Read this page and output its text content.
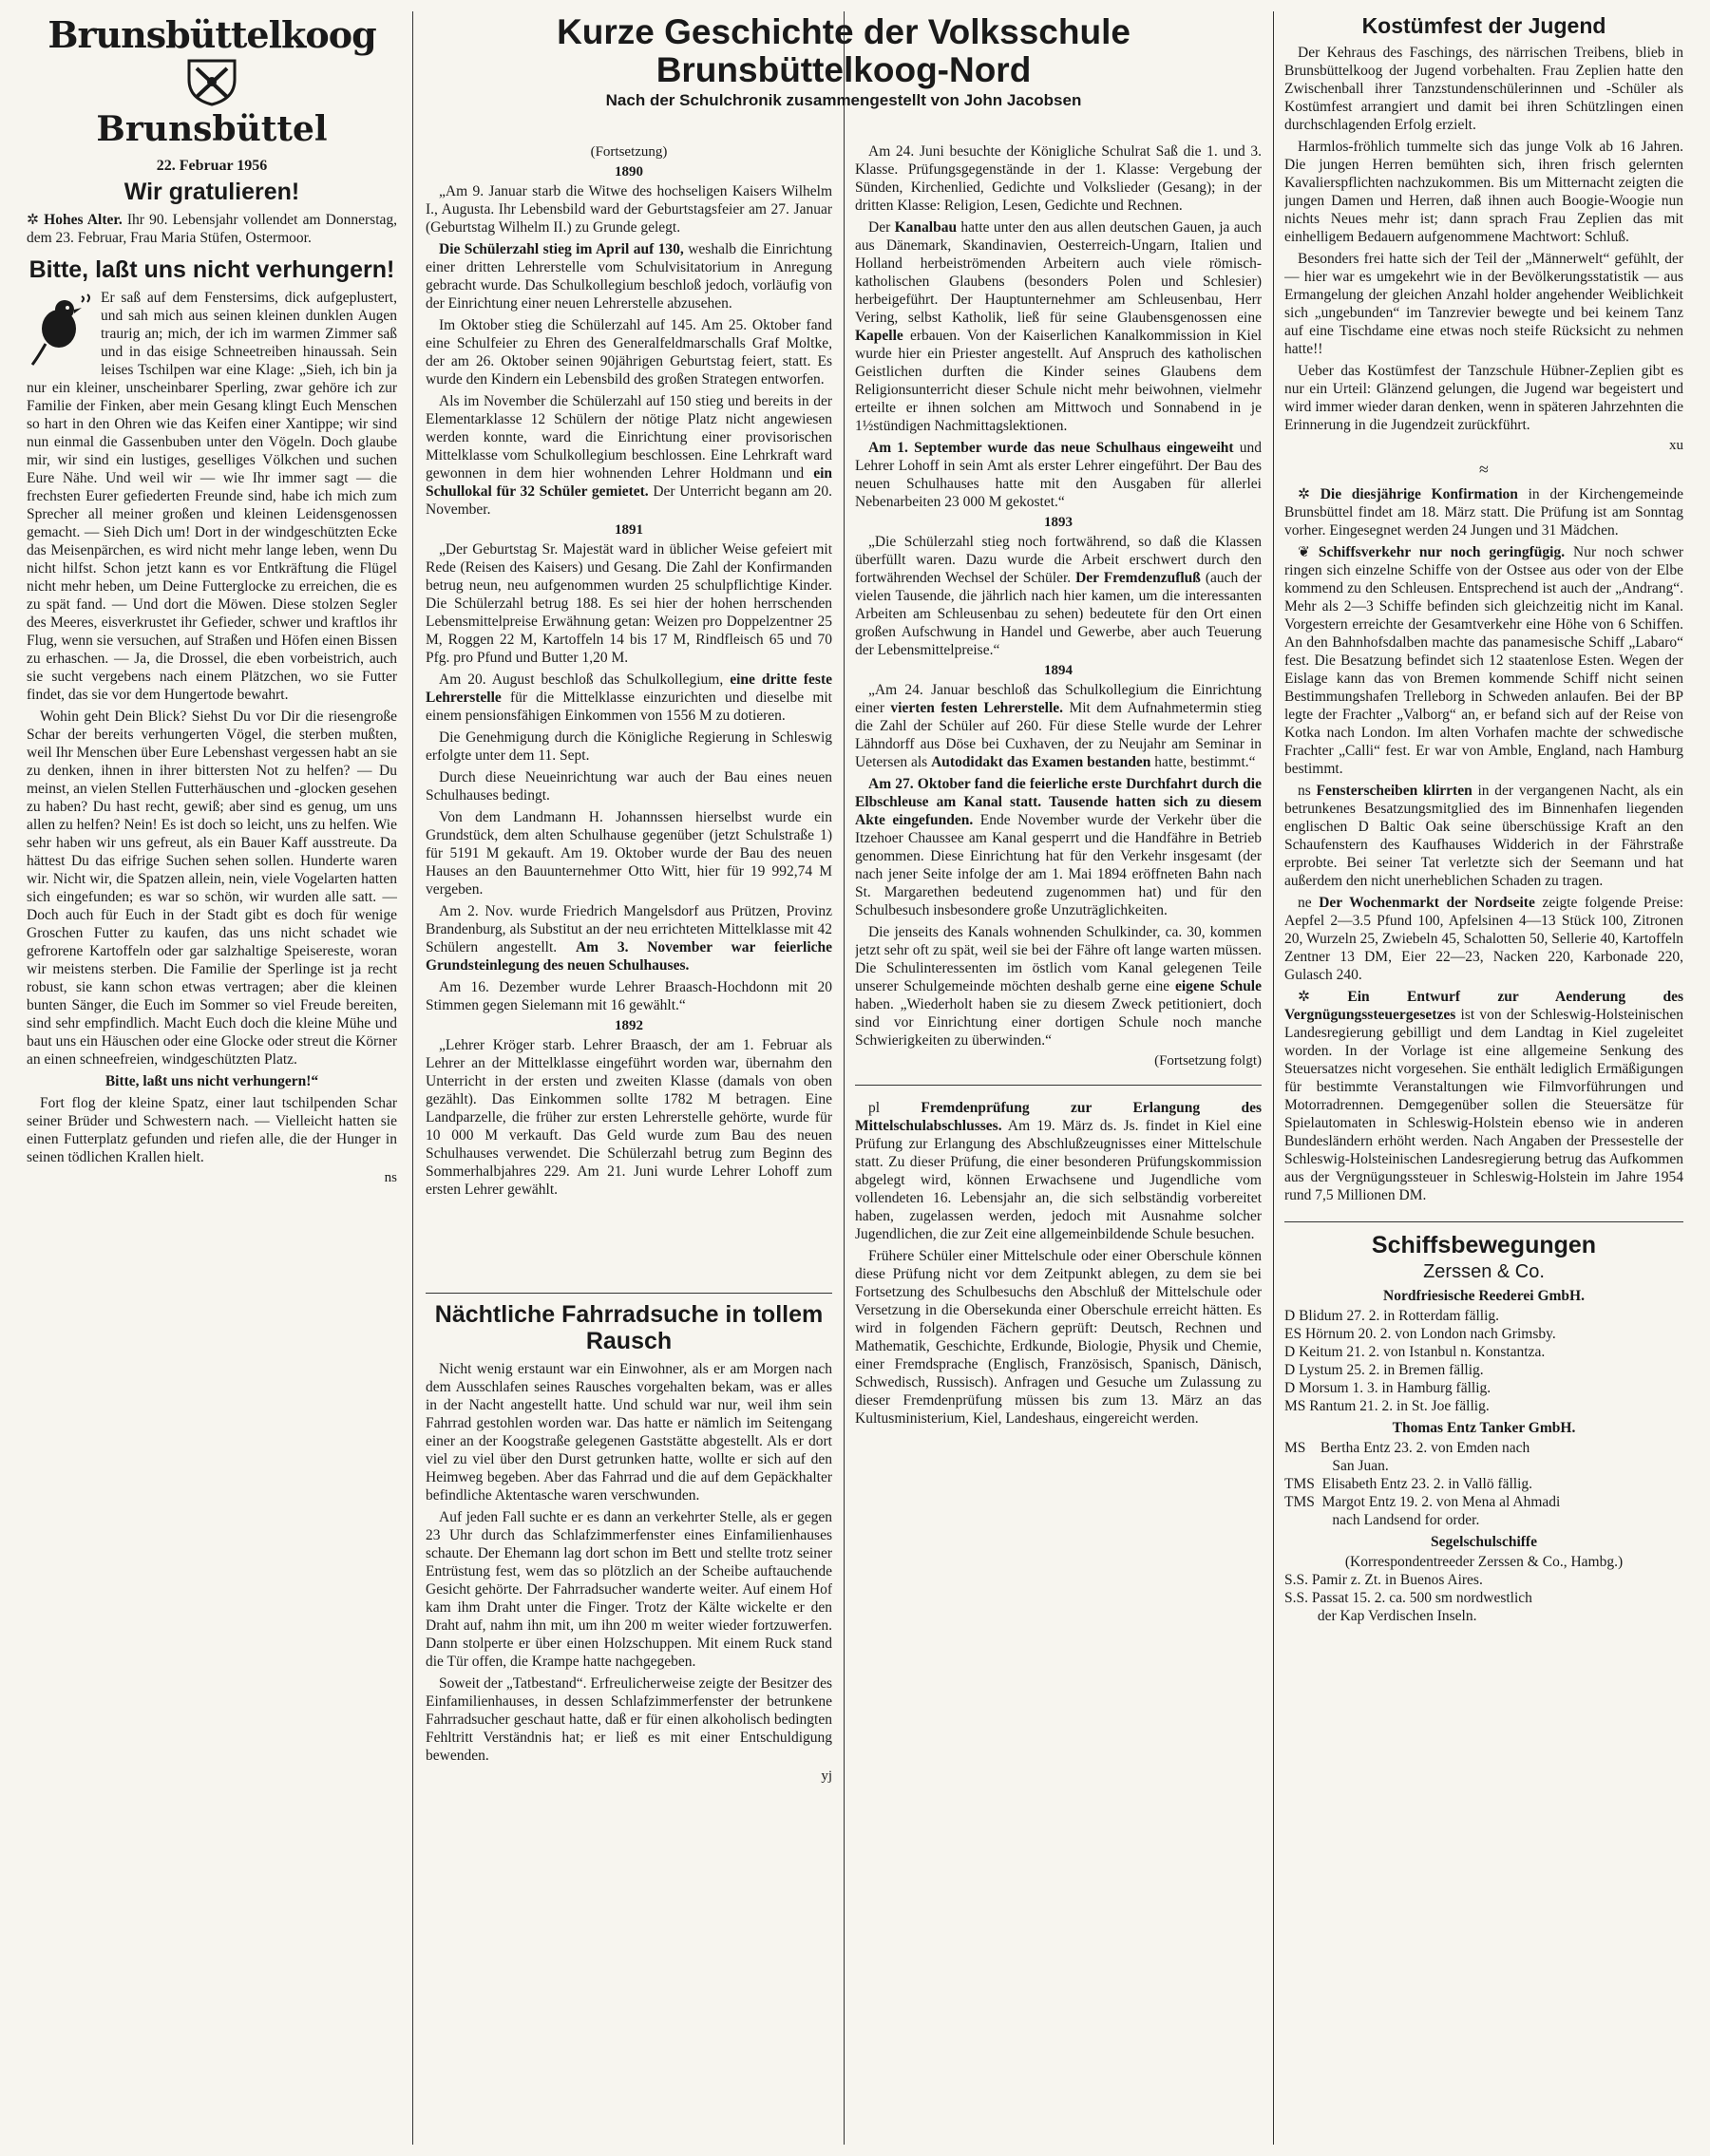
Brunsbüttelkoog
Brunsbüttel
22. Februar 1956
Wir gratulieren!

✲ Hohes Alter. Ihr 90. Lebensjahr vollendet am Donnerstag, dem 23. Februar, Frau Maria Stüfen, Ostermoor.

Bitte, laßt uns nicht verhungern!

Er saß auf dem Fenstersims, dick aufgeplustert, und sah mich aus seinen kleinen dunklen Augen traurig an; mich, der ich im warmen Zimmer saß und in das eisige Schneetreiben hinaussah. Sein leises Tschilpen war eine Klage: „Sieh, ich bin ja nur ein kleiner, unscheinbarer Sperling, zwar gehöre ich zur Familie der Finken, aber mein Gesang klingt Euch Menschen so hart in den Ohren wie das Keifen einer Xantippe; wir sind nun einmal die Gassenbuben unter den Vögeln. Doch glaube mir, wir sind ein lustiges, geselliges Völkchen und suchen Eure Nähe. Und weil wir — wie Ihr immer sagt — die frechsten Eurer gefiederten Freunde sind, habe ich mich zum Sprecher all meiner großen und kleinen Leidensgenossen gemacht. — Sieh Dich um! Dort in der windgeschützten Ecke das Meisenpärchen, es wird nicht mehr lange leben, wenn Du nicht hilfst. Schon jetzt kann es vor Entkräftung die Flügel nicht mehr heben, um Deine Futterglocke zu erreichen, die es zu spät fand. — Und dort die Möwen. Diese stolzen Segler des Meeres, eisverkrustet ihr Gefieder, schwer und kraftlos ihr Flug, wenn sie versuchen, auf Straßen und Höfen einen Bissen zu erhaschen. — Ja, die Drossel, die eben vorbeistrich, auch sie sucht vergebens nach einem Plätzchen, wo sie Futter findet, das sie vor dem Hungertode bewahrt.

Wohin geht Dein Blick? Siehst Du vor Dir die riesengroße Schar der bereits verhungerten Vögel, die sterben mußten, weil Ihr Menschen über Eure Lebenshast vergessen habt an sie zu denken, ihnen in ihrer bittersten Not zu helfen? — Du meinst, an vielen Stellen Futterhäuschen und -glocken gesehen zu haben? Du hast recht, gewiß; aber sind es genug, um uns allen zu helfen? Nein! Es ist doch so leicht, uns zu helfen. Wie sehr haben wir uns gefreut, als ein Bauer Kaff ausstreute. Da hättest Du das eifrige Suchen sehen sollen. Hunderte waren wir. Nicht wir, die Spatzen allein, nein, viele Vogelarten hatten sich eingefunden; es war so schön, wir wurden alle satt. — Doch auch für Euch in der Stadt gibt es doch für wenige Groschen Futter zu kaufen, das uns nicht schadet wie gefrorene Kartoffeln oder gar salzhaltige Speisereste, woran wir meistens sterben. Die Familie der Sperlinge ist ja recht robust, sie kann schon etwas vertragen; aber die kleinen bunten Sänger, die Euch im Sommer so viel Freude bereiten, sind sehr empfindlich. Macht Euch doch die kleine Mühe und baut uns ein Häuschen oder eine Glocke oder streut die Körner an einen schneefreien, windgeschützten Platz.

Bitte, laßt uns nicht verhungern!“

Fort flog der kleine Spatz, einer laut tschilpenden Schar seiner Brüder und Schwestern nach. — Vielleicht hatten sie einen Futterplatz gefunden und riefen alle, die der Hunger in seinen tödlichen Krallen hielt.

ns
Kurze Geschichte der Volksschule Brunsbüttelkoog-Nord
Nach der Schulchronik zusammengestellt von John Jacobsen
(Fortsetzung)
1890

„Am 9. Januar starb die Witwe des hochseligen Kaisers Wilhelm I., Augusta. Ihr Lebensbild ward der Geburtstagsfeier am 27. Januar (Geburtstag Wilhelm II.) zu Grunde gelegt.

Die Schülerzahl stieg im April auf 130, weshalb die Einrichtung einer dritten Lehrerstelle vom Schulvisitatorium in Anregung gebracht wurde. Das Schulkollegium beschloß jedoch, vorläufig von der Einrichtung einer neuen Lehrerstelle abzusehen.

Im Oktober stieg die Schülerzahl auf 145. Am 25. Oktober fand eine Schulfeier zu Ehren des Generalfeldmarschalls Graf Moltke, der am 26. Oktober seinen 90jährigen Geburtstag feiert, statt. Es wurde den Kindern ein Lebensbild des großen Strategen entworfen.

Als im November die Schülerzahl auf 150 stieg und bereits in der Elementarklasse 12 Schülern der nötige Platz nicht angewiesen werden konnte, ward die Einrichtung einer provisorischen Mittelklasse vom Schulkollegium beschlossen. Eine Lehrkraft ward gewonnen in dem hier wohnenden Lehrer Holdmann und ein Schullokal für 32 Schüler gemietet. Der Unterricht begann am 20. November.

1891

„Der Geburtstag Sr. Majestät ward in üblicher Weise gefeiert mit Rede (Reisen des Kaisers) und Gesang. Die Zahl der Konfirmanden betrug neun, neu aufgenommen wurden 25 schulpflichtige Kinder. Die Schülerzahl betrug 188. Es sei hier der hohen herrschenden Lebensmittelpreise Erwähnung getan: Weizen pro Doppelzentner 25 M, Roggen 22 M, Kartoffeln 14 bis 17 M, Rindfleisch 65 und 70 Pfg. pro Pfund und Butter 1,20 M.

Am 20. August beschloß das Schulkollegium, eine dritte feste Lehrerstelle für die Mittelklasse einzurichten und dieselbe mit einem pensionsfähigen Einkommen von 1556 M zu dotieren.

Die Genehmigung durch die Königliche Regierung in Schleswig erfolgte unter dem 11. Sept.

Durch diese Neueinrichtung war auch der Bau eines neuen Schulhauses bedingt.

Von dem Landmann H. Johannssen hierselbst wurde ein Grundstück, dem alten Schulhause gegenüber (jetzt Schulstraße 1) für 5191 M gekauft. Am 19. Oktober wurde der Bau des neuen Hauses an den Bauunternehmer Otto Witt, hier für 19 992,74 M vergeben.

Am 2. Nov. wurde Friedrich Mangelsdorf aus Prützen, Provinz Brandenburg, als Substitut an der neu errichteten Mittelklasse mit 42 Schülern angestellt. Am 3. November war feierliche Grundsteinlegung des neuen Schulhauses.

Am 16. Dezember wurde Lehrer Braasch-Hochdonn mit 20 Stimmen gegen Sielemann mit 16 gewählt.“

1892

„Lehrer Kröger starb. Lehrer Braasch, der am 1. Februar als Lehrer an der Mittelklasse eingeführt worden war, übernahm den Unterricht in der ersten und zweiten Klasse (damals von oben gezählt). Das Einkommen sollte 1782 M betragen. Eine Landparzelle, die früher zur ersten Lehrerstelle gehörte, wurde für 10 000 M verkauft. Das Geld wurde zum Bau des neuen Schulhauses verwendet. Die Schülerzahl betrug zum Beginn des Sommerhalbjahres 229. Am 21. Juni wurde Lehrer Lohoff zum ersten Lehrer gewählt.

Nächtliche Fahrradsuche in tollem Rausch

Nicht wenig erstaunt war ein Einwohner, als er am Morgen nach dem Ausschlafen seines Rausches vorgehalten bekam, was er alles in der Nacht angestellt hatte. Und schuld war nur, weil ihm sein Fahrrad gestohlen worden war. Das hatte er nämlich im Seitengang einer an der Koogstraße gelegenen Gaststätte abgestellt. Als er dort viel zu viel über den Durst getrunken hatte, wollte er sich auf den Heimweg begeben. Aber das Fahrrad und die auf dem Gepäckhalter befindliche Aktentasche waren verschwunden.

Auf jeden Fall suchte er es dann an verkehrter Stelle, als er gegen 23 Uhr durch das Schlafzimmerfenster eines Einfamilienhauses schaute. Der Ehemann lag dort schon im Bett und stellte trotz seiner Entrüstung fest, wem das so plötzlich an der Scheibe auftauchende Gesicht gehörte. Der Fahrradsucher wanderte weiter. Auf einem Hof kam ihm Draht unter die Finger. Trotz der Kälte wickelte er den Draht auf, nahm ihn mit, um ihn 200 m weiter wieder fortzuwerfen. Dann stolperte er über einen Holzschuppen. Mit einem Ruck stand die Tür offen, die Krampe hatte nachgegeben.

Soweit der „Tatbestand“. Erfreulicherweise zeigte der Besitzer des Einfamilienhauses, in dessen Schlafzimmerfenster der betrunkene Fahrradsucher geschaut hatte, daß er für einen alkoholisch bedingten Fehltritt Verständnis hat; er ließ es mit einer Entschuldigung bewenden.

yj

Am 24. Juni besuchte der Königliche Schulrat Saß die 1. und 3. Klasse. Prüfungsgegenstände in der 1. Klasse: Vergebung der Sünden, Kirchenlied, Gedichte und Volkslieder (Gesang); in der dritten Klasse: Religion, Lesen, Gedichte und Rechnen.

Der Kanalbau hatte unter den aus allen deutschen Gauen, ja auch aus Dänemark, Skandinavien, Oesterreich-Ungarn, Italien und Holland herbeiströmenden Arbeitern auch viele römisch-katholischen Glaubens (besonders Polen und Schlesier) herbeigeführt. Der Hauptunternehmer am Schleusenbau, Herr Vering, selbst Katholik, ließ für seine Glaubensgenossen eine Kapelle erbauen. Von der Kaiserlichen Kanalkommission in Kiel wurde hier ein Priester angestellt. Auf Anspruch des katholischen Geistlichen durften die Kinder seines Glaubens dem Religionsunterricht dieser Schule nicht mehr beiwohnen, vielmehr erteilte er ihnen solchen am Mittwoch und Sonnabend in je 1½stündigen Nachmittagslektionen.

Am 1. September wurde das neue Schulhaus eingeweiht und Lehrer Lohoff in sein Amt als erster Lehrer eingeführt. Der Bau des neuen Schulhauses hatte mit den Ausgaben für allerlei Nebenarbeiten 23 000 M gekostet.“

1893

„Die Schülerzahl stieg noch fortwährend, so daß die Klassen überfüllt waren. Dazu wurde die Arbeit erschwert durch den fortwährenden Wechsel der Schüler. Der Fremdenzufluß (auch der vielen Tausende, die jährlich nach hier kamen, um die interessanten Arbeiten am Schleusenbau zu sehen) bedeutete für den Ort einen großen Aufschwung in Handel und Gewerbe, aber auch Teuerung der Lebensmittelpreise.“

1894

„Am 24. Januar beschloß das Schulkollegium die Einrichtung einer vierten festen Lehrerstelle. Mit dem Aufnahmetermin stieg die Zahl der Schüler auf 260. Für diese Stelle wurde der Lehrer Lähndorff aus Döse bei Cuxhaven, der zu Neujahr am Seminar in Uetersen als Autodidakt das Examen bestanden hatte, bestimmt.“

Am 27. Oktober fand die feierliche erste Durchfahrt durch die Elbschleuse am Kanal statt. Tausende hatten sich zu diesem Akte eingefunden. Ende November wurde der Verkehr über die Itzehoer Chaussee am Kanal gesperrt und die Handfähre in Betrieb genommen. Diese Einrichtung hat für den Verkehr insgesamt (der nach jener Seite infolge der am 1. Mai 1894 eröffneten Bahn nach St. Margarethen bedeutend zugenommen hat) und für den Schulbesuch insbesondere große Unzuträglichkeiten.

Die jenseits des Kanals wohnenden Schulkinder, ca. 30, kommen jetzt sehr oft zu spät, weil sie bei der Fähre oft lange warten müssen. Die Schulinteressenten im östlich vom Kanal gelegenen Teile unserer Schulgemeinde möchten deshalb gerne eine eigene Schule haben. „Wiederholt haben sie zu diesem Zweck petitioniert, doch sind vor Einrichtung einer dortigen Schule noch manche Schwierigkeiten zu überwinden.“

(Fortsetzung folgt)

pl	Fremdenprüfung zur Erlangung des Mittelschulabschlusses. Am 19. März ds. Js. findet in Kiel eine Prüfung zur Erlangung des Abschlußzeugnisses einer Mittelschule statt. Zu dieser Prüfung, die einer besonderen Prüfungskommission abgelegt wird, können Erwachsene und Jugendliche vom vollendeten 16. Lebensjahr an, die sich selbständig vorbereitet haben, zugelassen werden, jedoch mit Ausnahme solcher Jugendlichen, die zur Zeit eine allgemeinbildende Schule besuchen.

Frühere Schüler einer Mittelschule oder einer Oberschule können diese Prüfung nicht vor dem Zeitpunkt ablegen, zu dem sie bei Fortsetzung des Schulbesuchs den Abschluß der Mittelschule oder Versetzung in die Obersekunda einer Oberschule erreicht hätten. Es wird in folgenden Fächern geprüft: Deutsch, Rechnen und Mathematik, Geschichte, Erdkunde, Biologie, Physik und Chemie, einer Fremdsprache (Englisch, Französisch, Spanisch, Dänisch, Schwedisch, Russisch). Anfragen und Gesuche um Zulassung zu dieser Fremdenprüfung müssen bis zum 13. März an das Kultusministerium, Kiel, Landeshaus, eingereicht werden.

Kostümfest der Jugend

Der Kehraus des Faschings, des närrischen Treibens, blieb in Brunsbüttelkoog der Jugend vorbehalten. Frau Zeplien hatte den Zwischenball ihrer Tanzstundenschülerinnen und -Schüler als Kostümfest arrangiert und damit bei ihren Schützlingen einen durchschlagenden Erfolg erzielt.

Harmlos-fröhlich tummelte sich das junge Volk ab 16 Jahren. Die jungen Herren bemühten sich, ihren frisch gelernten Kavalierspflichten nachzukommen. Bis um Mitternacht zeigten die jungen Damen und Herren, daß ihnen auch Boogie-Woogie nun nichts Neues mehr ist; dann sprach Frau Zeplien das mit einhelligem Bedauern aufgenommene Machtwort: Schluß.

Besonders frei hatte sich der Teil der „Männerwelt“ gefühlt, der — hier war es umgekehrt wie in der Bevölkerungsstatistik — aus Ermangelung der gleichen Anzahl holder angehender Weiblichkeit sich „ungebunden“ im Tanzrevier bewegte und bei keinem Tanz auf eine Tischdame eine etwas noch steife Rücksicht zu nehmen hatte!!

Ueber das Kostümfest der Tanzschule Hübner-Zeplien gibt es nur ein Urteil: Glänzend gelungen, die Jugend war begeistert und wird immer wieder daran denken, wenn in späteren Jahrzehnten die Erinnerung in die Jugendzeit zurückführt.

xu
≈

✲ Die diesjährige Konfirmation in der Kirchengemeinde Brunsbüttel findet am 18. März statt. Die Prüfung ist am Sonntag vorher. Eingesegnet werden 24 Jungen und 31 Mädchen.

❦ Schiffsverkehr nur noch geringfügig. Nur noch schwer ringen sich einzelne Schiffe von der Ostsee aus oder von der Elbe kommend zu den Schleusen. Entsprechend ist auch der „Andrang“. Mehr als 2—3 Schiffe befinden sich gleichzeitig nicht im Kanal. Vorgestern erreichte der Gesamtverkehr eine Höhe von 6 Schiffen. An den Bahnhofsdalben machte das panamesische Schiff „Labaro“ fest. Die Besatzung befindet sich 12 staatenlose Esten. Wegen der Eislage kann das von Bremen kommende Schiff nicht seinen Bestimmungshafen Trelleborg in Schweden anlaufen. Bei der BP legte der Frachter „Valborg“ an, er befand sich auf der Reise von Kotka nach London. Im alten Vorhafen machte der schwedische Frachter „Calli“ fest. Er war von Amble, England, nach Hamburg bestimmt.

ns Fensterscheiben klirrten in der vergangenen Nacht, als ein betrunkenes Besatzungsmitglied des im Binnenhafen liegenden englischen D Baltic Oak seine überschüssige Kraft an den Schaufenstern des Kaufhauses Widderich in der Fährstraße erprobte. Bei seiner Tat verletzte sich der Seemann und hat außerdem den nicht unerheblichen Schaden zu tragen.

ne Der Wochenmarkt der Nordseite zeigte folgende Preise: Aepfel 2—3.5 Pfund 100, Apfelsinen 4—13 Stück 100, Zitronen 20, Wurzeln 25, Zwiebeln 45, Schalotten 50, Sellerie 40, Kartoffeln Zentner 13 DM, Eier 22—23, Nacken 220, Karbonade 220, Gulasch 240.

✲ Ein Entwurf zur Aenderung des Vergnügungssteuergesetzes ist von der Schleswig-Holsteinischen Landesregierung gebilligt und dem Landtag in Kiel zugeleitet worden. In der Vorlage ist eine allgemeine Senkung des Steuersatzes nicht vorgesehen. Sie enthält lediglich Ermäßigungen für bestimmte Veranstaltungen wie Filmvorführungen und Motorradrennen. Demgegenüber sollen die Steuersätze für Spielautomaten in Schleswig-Holstein ebenso wie in anderen Bundesländern erhöht werden. Nach Angaben der Pressestelle der Schleswig-Holsteinischen Landesregierung betrug das Aufkommen aus der Vergnügungssteuer in Schleswig-Holstein im Jahre 1954 rund 7,5 Millionen DM.

Schiffsbewegungen
Zerssen & Co.
Nordfriesische Reederei GmbH.
D Blidum 27. 2. in Rotterdam fällig.
ES Hörnum 20. 2. von London nach Grimsby.
D Keitum 21. 2. von Istanbul n. Konstantza.
D Lystum 25. 2. in Bremen fällig.
D Morsum 1. 3. in Hamburg fällig.
MS Rantum 21. 2. in St. Joe fällig.
Thomas Entz Tanker GmbH.
MS    Bertha Entz 23. 2. von Emden nach
San Juan.
TMS  Elisabeth Entz 23. 2. in Vallö fällig.
TMS  Margot Entz 19. 2. von Mena al Ahmadi
nach Landsend for order.
Segelschulschiffe
(Korrespondentreeder Zerssen & Co., Hambg.)
S.S. Pamir z. Zt. in Buenos Aires.
S.S. Passat 15. 2. ca. 500 sm nordwestlich
der Kap Verdischen Inseln.
